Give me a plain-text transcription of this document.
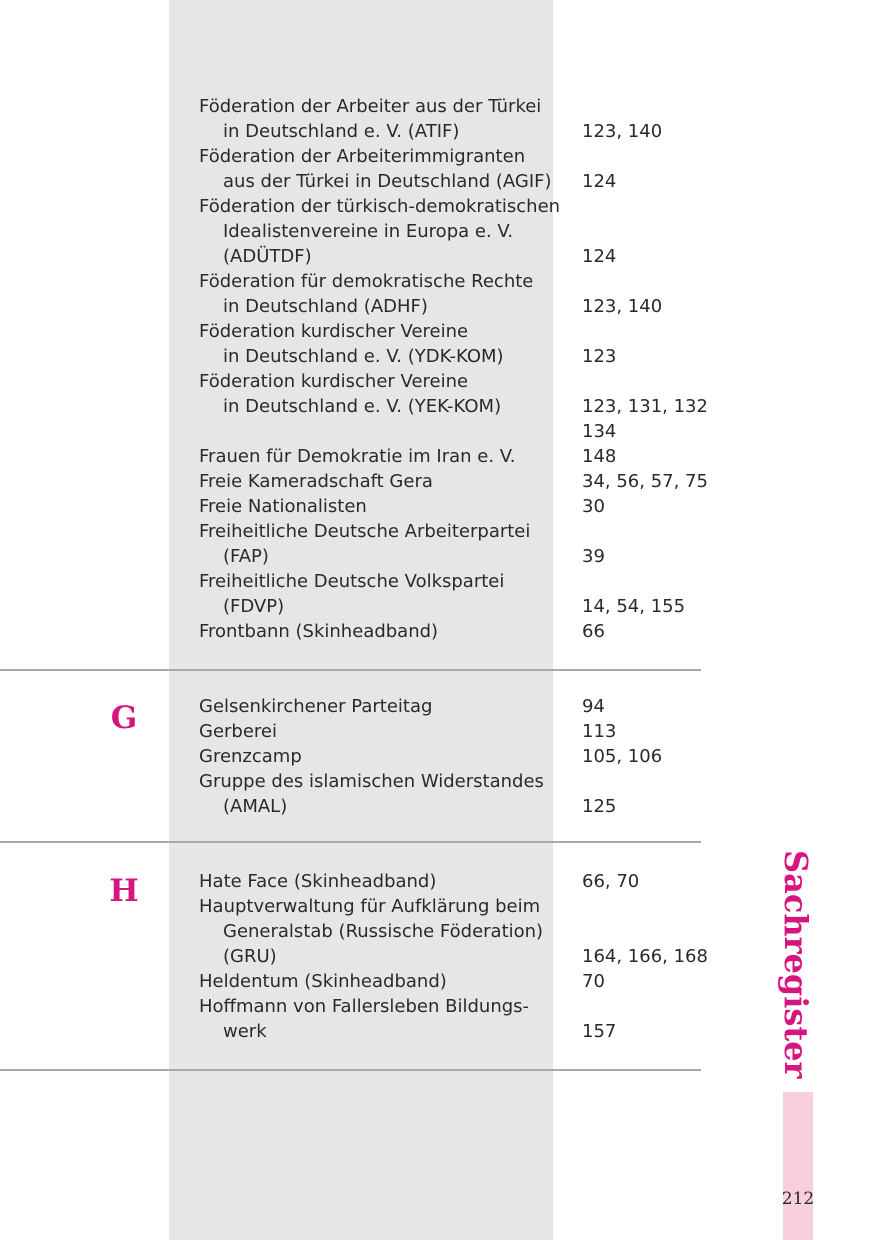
G
H
Föderation der Arbeiter aus der Türkei
in Deutschland e. V. (ATIF)	123, 140
Föderation der Arbeiterimmigranten
aus der Türkei in Deutschland (AGIF) 124
Föderation der türkisch-demokratischen
Idealistenvereine in Europa e. V.
(ADÜTDF)	124
Föderation für demokratische Rechte
in Deutschland (ADHF)	123, 140
Föderation kurdischer Vereine
in Deutschland e. V. (YDK-KOM)	123
Föderation kurdischer Vereine
in Deutschland e. V. (YEK-KOM)	123, 131, 132
134
Frauen für Demokratie im Iran e. V.	148
Freie Kameradschaft Gera	34, 56, 57, 75
Freie Nationalisten	30
Freiheitliche Deutsche Arbeiterpartei
(FAP)	39
Freiheitliche Deutsche Volkspartei
(FDVP)	14, 54, 155
Frontbann (Skinheadband)	66
Gelsenkirchener Parteitag	94
Gerberei	113
Grenzcamp	105, 106
Gruppe des islamischen Widerstandes
(AMAL)	125
Hate Face (Skinheadband)	66, 70
Hauptverwaltung für Aufklärung beim
Generalstab (Russische Föderation)
(GRU)	164, 166, 168
Heldentum (Skinheadband)	70
Hoffmann von Fallersleben Bildungs-
werk	157	Sachregister
212
